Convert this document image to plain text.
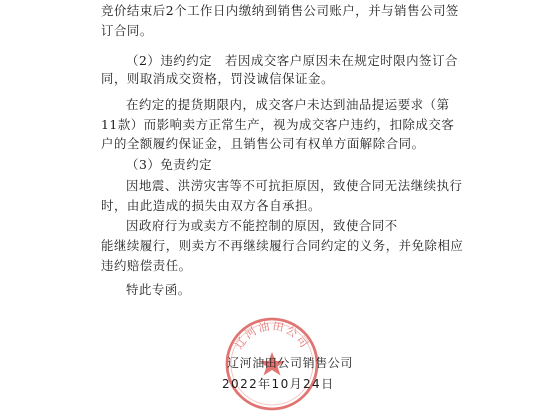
竞价结束后2个工作日内缴纳到销售公司账户，并与销售公司签
订合同。
（2）违约约定　若因成交客户原因未在规定时限内签订合
同，则取消成交资格，罚没诚信保证金。
在约定的提货期限内，成交客户未达到油品提运要求（第
11款）而影响卖方正常生产，视为成交客户违约，扣除成交客
户的全额履约保证金，且销售公司有权单方面解除合同。
（3）免责约定
因地震、洪涝灾害等不可抗拒原因，致使合同无法继续执行
时，由此造成的损失由双方各自承担。
因政府行为或卖方不能控制的原因，致使合同不
能继续履行，则卖方不再继续履行合同约定的义务，并免除相应
违约赔偿责任。
特此专函。
辽河油田公司
辽河油田公司销售公司
2022年10月24日
